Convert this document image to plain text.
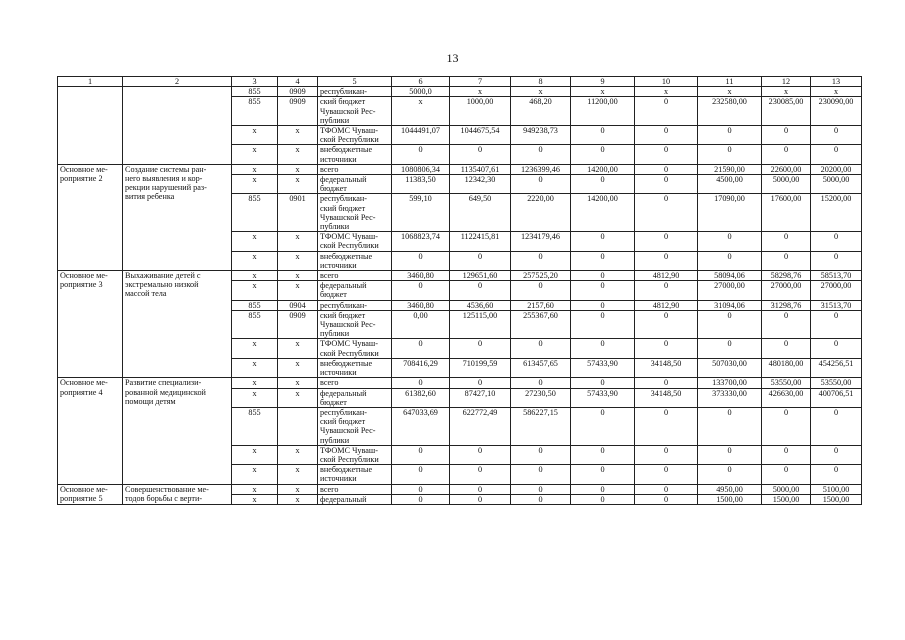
13
1	2	3	4	5	6	7	8	9	10	11	12	13
		855	0909	республикан-	5000,0	x	x	x	x	x	x	x
		855	0909	ский бюджет
Чувашской Рес-
публики	x	1000,00	468,20	11200,00	0	232580,00	230085,00	230090,00
		x	x	ТФОМС Чуваш-
ской Республики	1044491,07	1044675,54	949238,73	0	0	0	0	0
		x	x	внебюджетные
источники	0	0	0	0	0	0	0	0

Основное ме-
роприятие 2	Создание системы ран-
него выявления и кор-
рекции нарушений раз-
вития ребенка	x	x	всего	1080806,34	1135407,61	1236399,46	14200,00	0	21590,00	22600,00	20200,00
		x	x	федеральный
бюджет	11383,50	12342,30	0	0	0	4500,00	5000,00	5000,00
		855	0901	республикан-
ский бюджет
Чувашской Рес-
публики	599,10	649,50	2220,00	14200,00	0	17090,00	17600,00	15200,00
		x	x	ТФОМС Чуваш-
ской Республики	1068823,74	1122415,81	1234179,46	0	0	0	0	0
		x	x	внебюджетные
источники	0	0	0	0	0	0	0	0

Основное ме-
роприятие 3	Выхаживание детей с
экстремально низкой
массой тела	x	x	всего	3460,80	129651,60	257525,20	0	4812,90	58094,06	58298,76	58513,70
		x	x	федеральный
бюджет	0	0	0	0	0	27000,00	27000,00	27000,00
		855	0904	республикан-	3460,80	4536,60	2157,60	0	4812,90	31094,06	31298,76	31513,70
		855	0909	ский бюджет
Чувашской Рес-
публики	0,00	125115,00	255367,60	0	0	0	0	0
		x	x	ТФОМС Чуваш-
ской Республики	0	0	0	0	0	0	0	0
		x	x	внебюджетные
источники	708416,29	710199,59	613457,65	57433,90	34148,50	507030,00	480180,00	454256,51

Основное ме-
роприятие 4	Развитие специализи-
рованной медицинской
помощи детям	x	x	всего	0	0	0	0	0	133700,00	53550,00	53550,00
		x	x	федеральный
бюджет	61382,60	87427,10	27230,50	57433,90	34148,50	373330,00	426630,00	400706,51
		855		республикан-
ский бюджет
Чувашской Рес-
публики	647033,69	622772,49	586227,15	0	0	0	0	0
		x	x	ТФОМС Чуваш-
ской Республики	0	0	0	0	0	0	0	0
		x	x	внебюджетные
источники	0	0	0	0	0	0	0	0

Основное ме-
роприятие 5	Совершенствование ме-
тодов борьбы с верти-	x	x	всего	0	0	0	0	0	4950,00	5000,00	5100,00
		x	x	федеральный	0	0	0	0	0	1500,00	1500,00	1500,00
